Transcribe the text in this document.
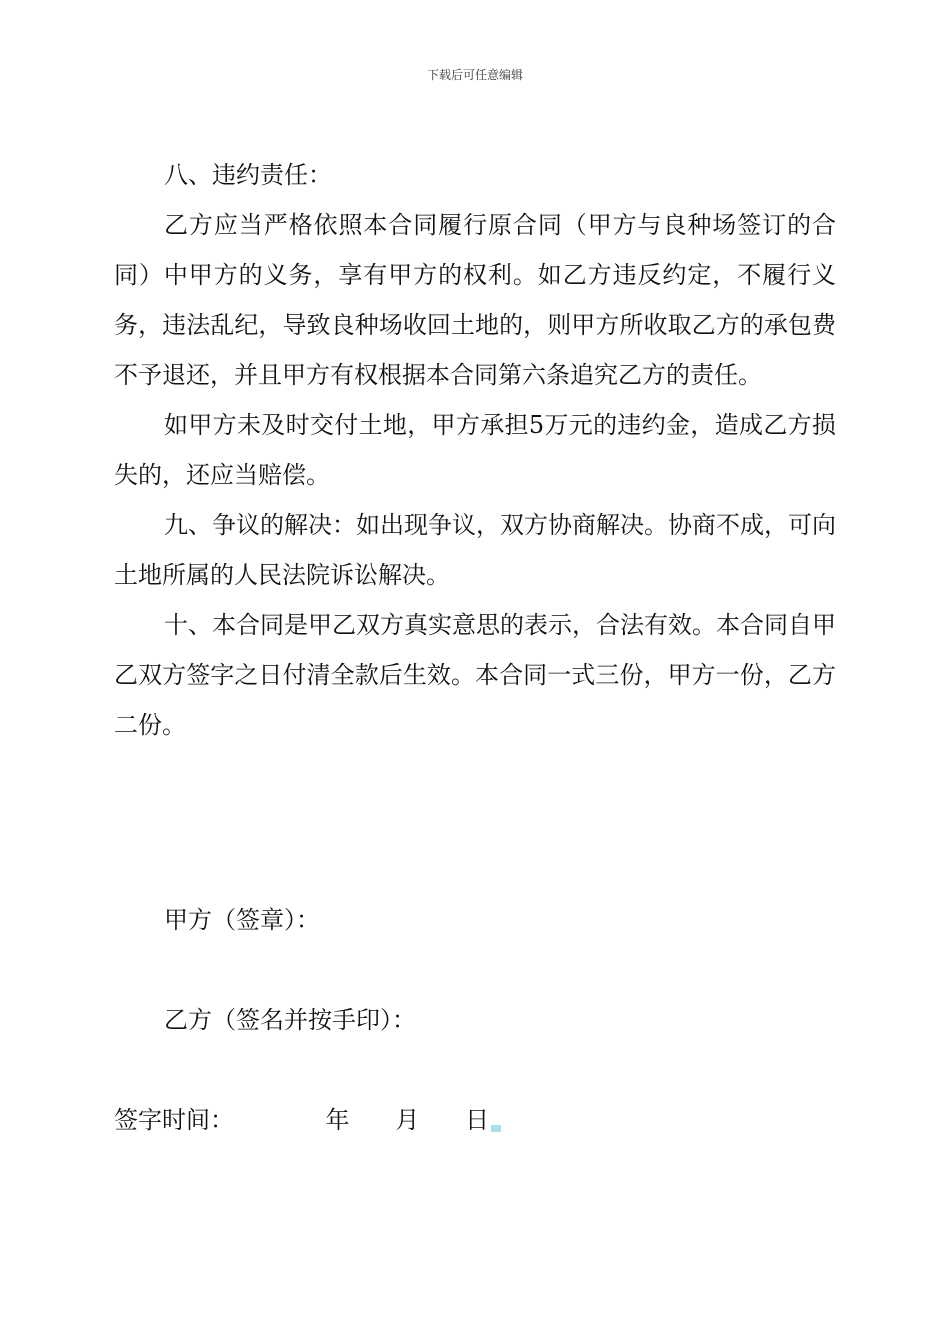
下载后可任意编辑

八、违约责任：

乙方应当严格依照本合同履行原合同（甲方与良种场签订的合同）中甲方的义务，享有甲方的权利。如乙方违反约定，不履行义务，违法乱纪，导致良种场收回土地的，则甲方所收取乙方的承包费不予退还，并且甲方有权根据本合同第六条追究乙方的责任。

如甲方未及时交付土地，甲方承担5万元的违约金，造成乙方损失的，还应当赔偿。

九、争议的解决：如出现争议，双方协商解决。协商不成，可向土地所属的人民法院诉讼解决。

十、本合同是甲乙双方真实意思的表示，合法有效。本合同自甲乙双方签字之日付清全款后生效。本合同一式三份，甲方一份，乙方二份。

甲方（签章）：
乙方（签名并按手印）：
签字时间：	年 月 日
